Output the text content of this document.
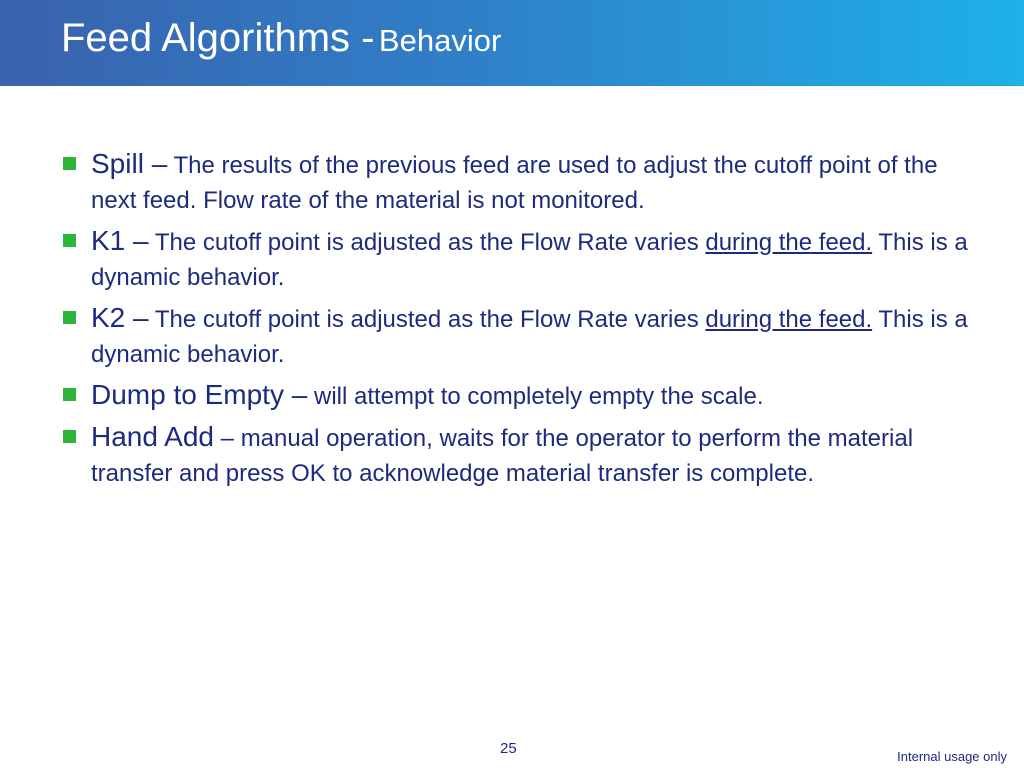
Feed Algorithms - Behavior
Spill – The results of the previous feed are used to adjust the cutoff point of the next feed. Flow rate of the material is not monitored.
K1 – The cutoff point is adjusted as the Flow Rate varies during the feed. This is a dynamic behavior.
K2 – The cutoff point is adjusted as the Flow Rate varies during the feed. This is a dynamic behavior.
Dump to Empty – will attempt to completely empty the scale.
Hand Add – manual operation, waits for the operator to perform the material transfer and press OK to acknowledge material transfer is complete.
25	Internal usage only
